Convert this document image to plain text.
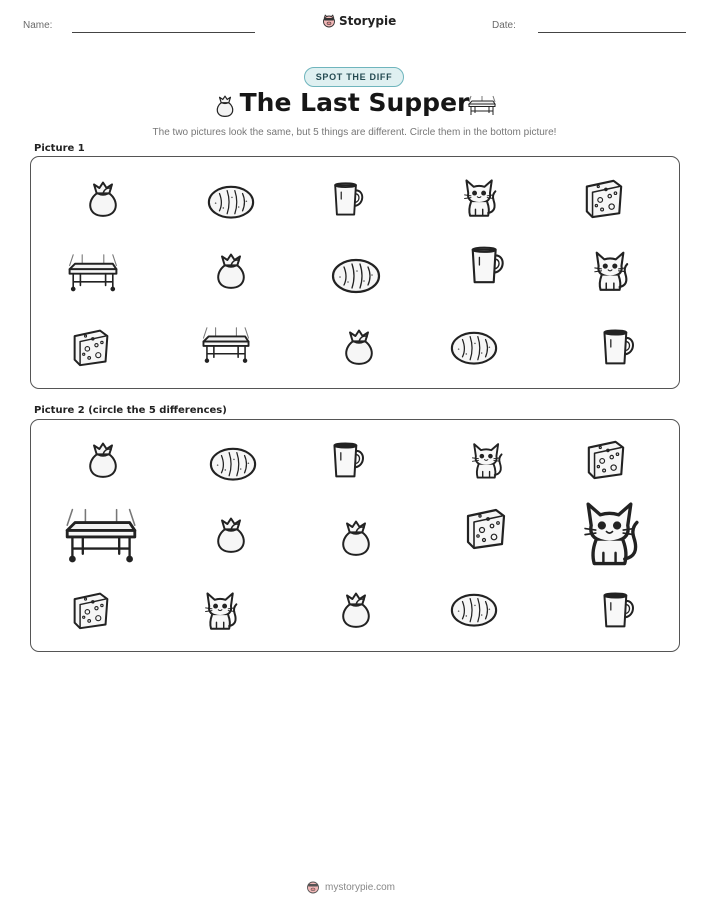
Name:	Storypie	Date:
SPOT THE DIFF
The Last Supper
The two pictures look the same, but 5 things are different. Circle them in the bottom picture!
Picture 1
Picture 2 (circle the 5 differences)
mystorypie.com
